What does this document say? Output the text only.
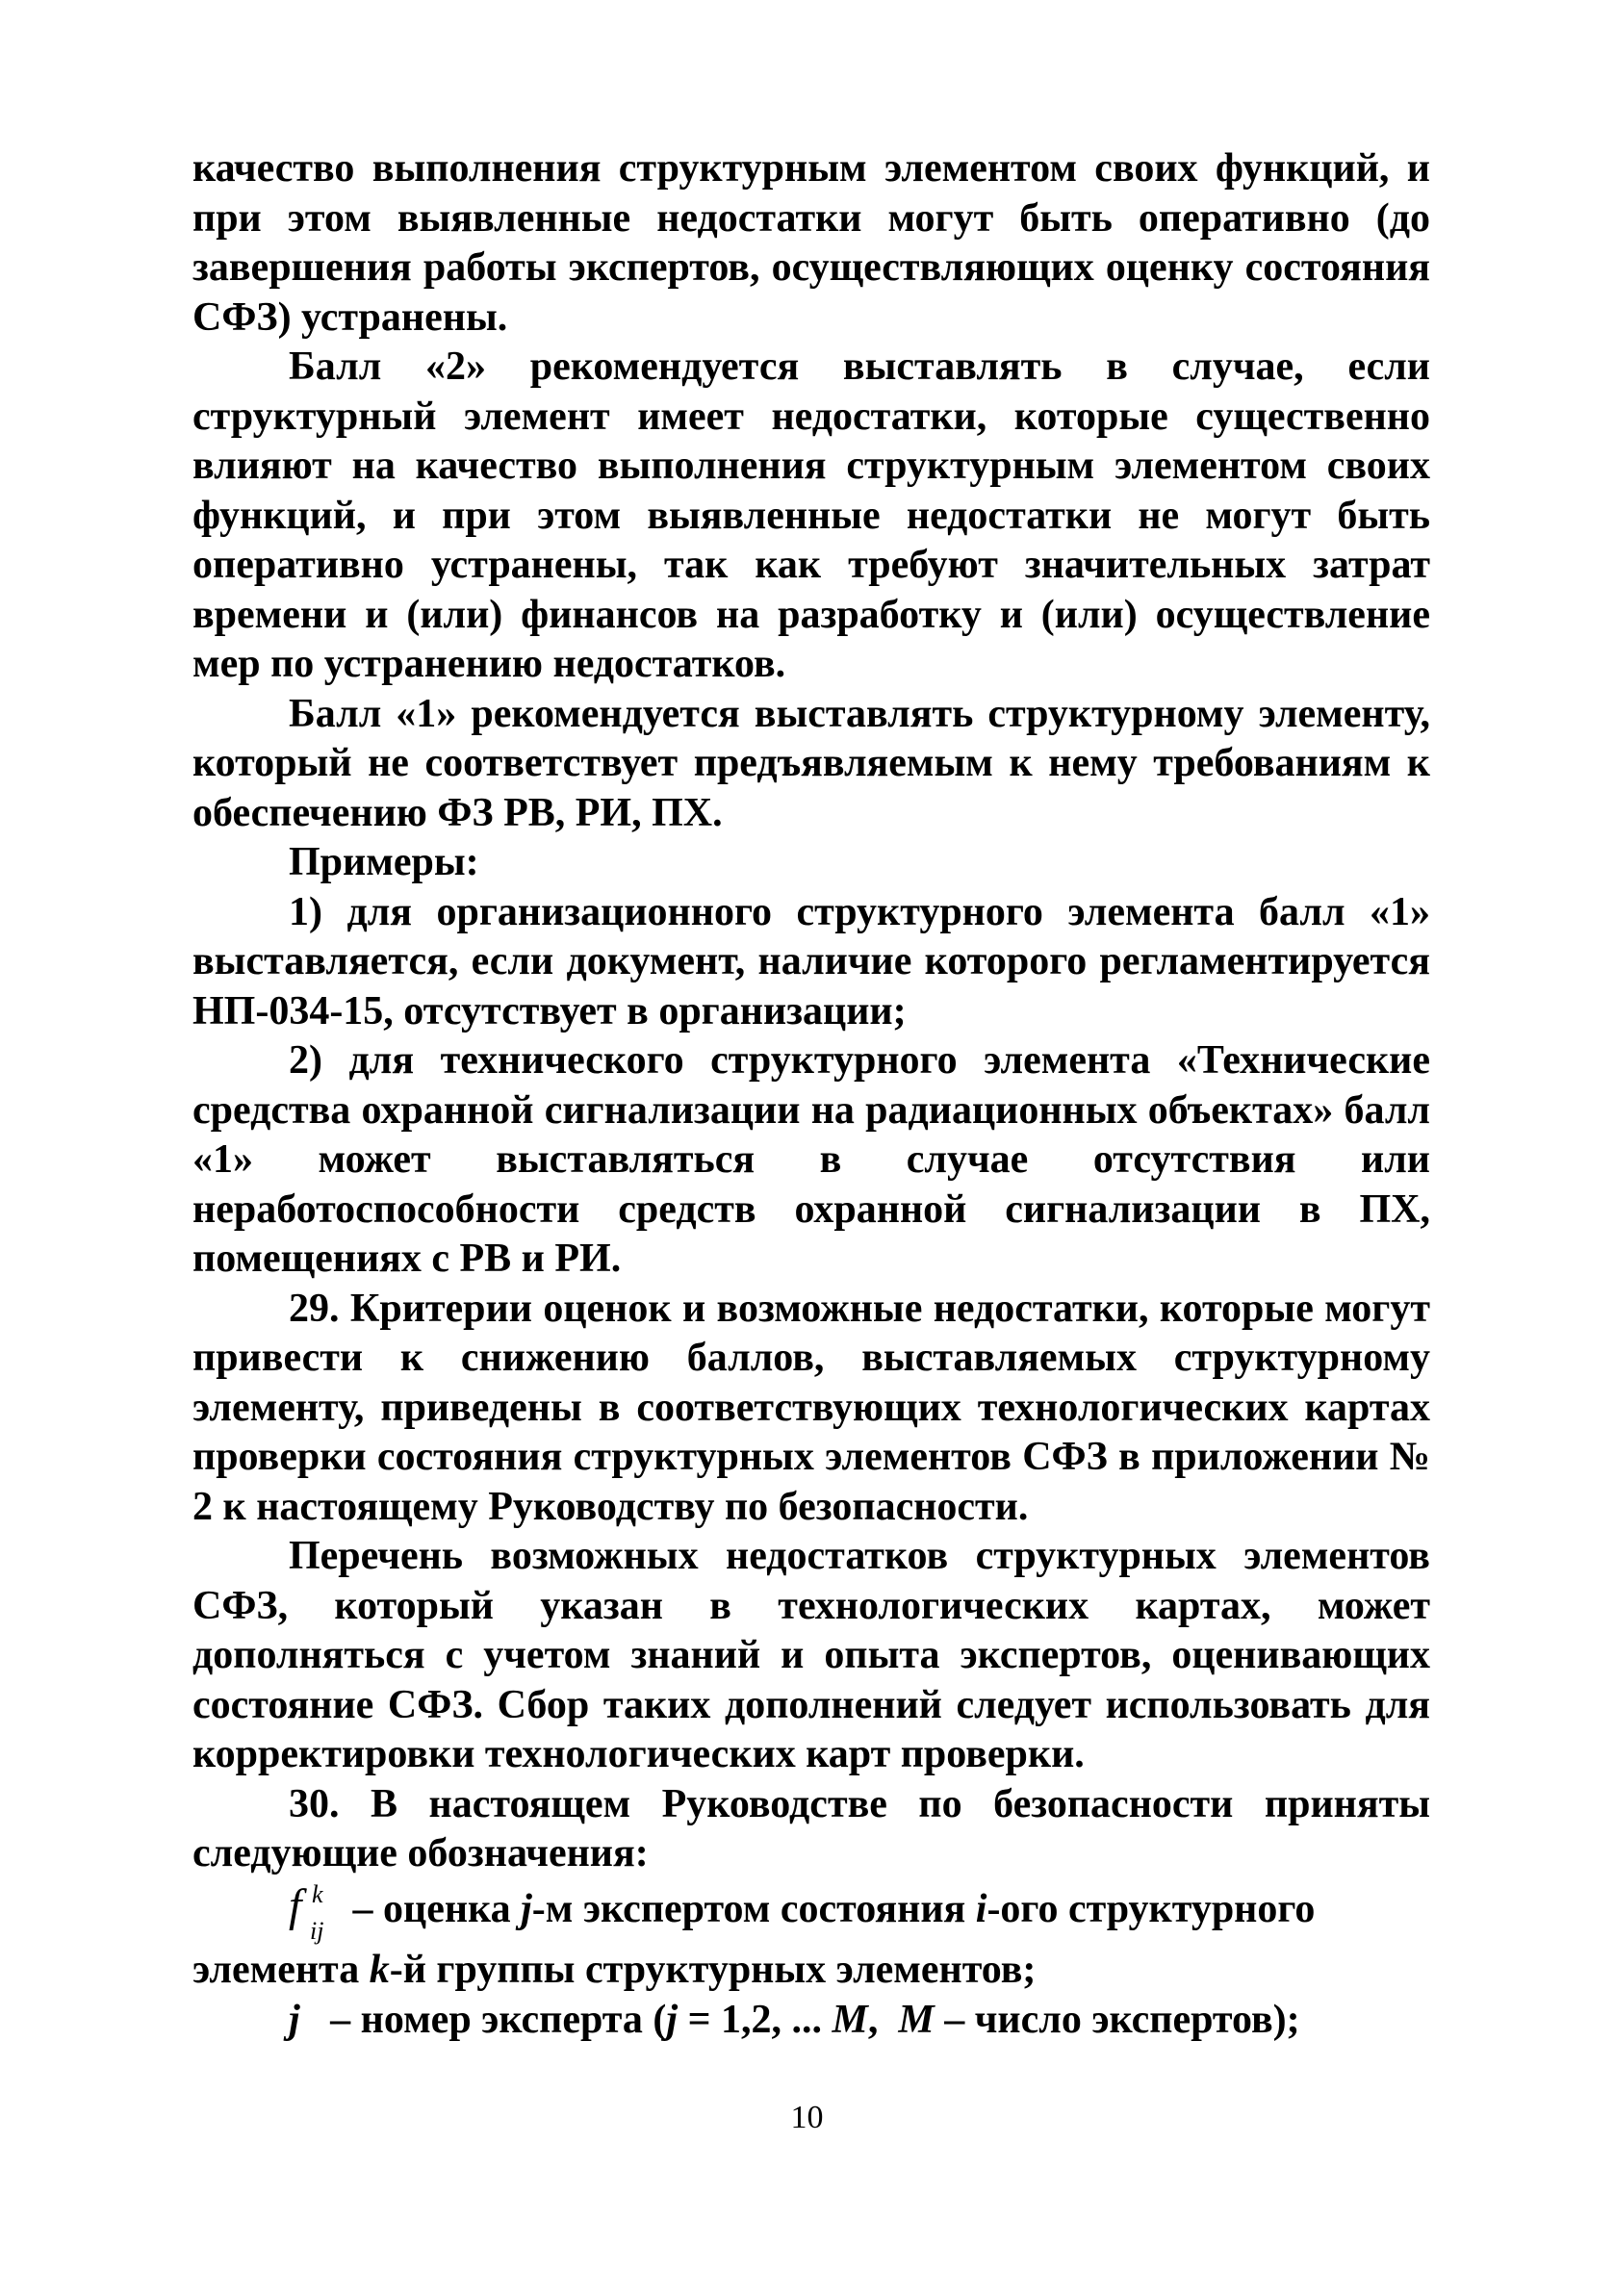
качество выполнения структурным элементом своих функций, и при этом выявленные недостатки могут быть оперативно (до завершения работы экспертов, осуществляющих оценку состояния СФЗ) устранены.

Балл «2» рекомендуется выставлять в случае, если структурный элемент имеет недостатки, которые существенно влияют на качество выполнения структурным элементом своих функций, и при этом выявленные недостатки не могут быть оперативно устранены, так как требуют значительных затрат времени и (или) финансов на разработку и (или) осуществление мер по устранению недостатков.

Балл «1» рекомендуется выставлять структурному элементу, который не соответствует предъявляемым к нему требованиям к обеспечению ФЗ РВ, РИ, ПХ.

Примеры:

1) для организационного структурного элемента балл «1» выставляется, если документ, наличие которого регламентируется НП-034-15, отсутствует в организации;

2) для технического структурного элемента «Технические средства охранной сигнализации на радиационных объектах» балл «1» может выставляться в случае отсутствия или неработоспособности средств охранной сигнализации в ПХ, помещениях с РВ и РИ.

29. Критерии оценок и возможные недостатки, которые могут привести к снижению баллов, выставляемых структурному элементу, приведены в соответствующих технологических картах проверки состояния структурных элементов СФЗ в приложении № 2 к настоящему Руководству по безопасности.

Перечень возможных недостатков структурных элементов СФЗ, который указан в технологических картах, может дополняться с учетом знаний и опыта экспертов, оценивающих состояние СФЗ. Сбор таких дополнений следует использовать для корректировки технологических карт проверки.

30. В настоящем Руководстве по безопасности приняты следующие обозначения:

f k
ij – оценка j-м экспертом состояния i-ого структурного

элемента k-й группы структурных элементов;

j   – номер эксперта (j = 1,2, ... M,  M – число экспертов);

10
